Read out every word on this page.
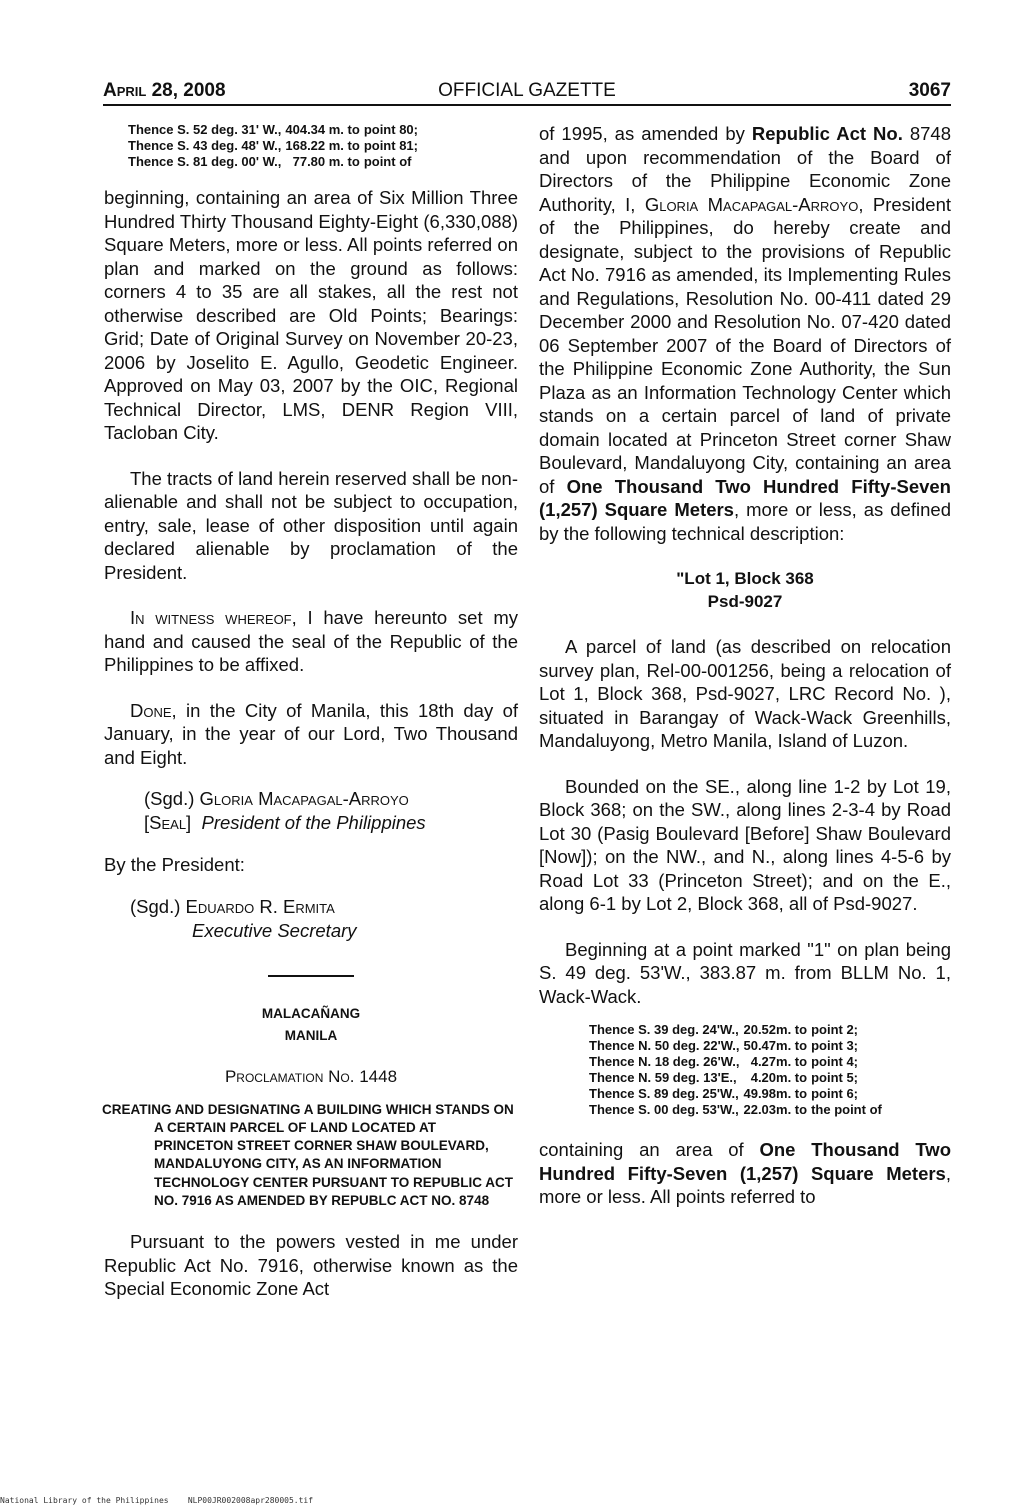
April 28, 2008	OFFICIAL GAZETTE	3067
Thence S. 52 deg. 31' W.,	404.34 m. to	point 80;
Thence S. 43 deg. 48' W.,	168.22 m. to	point 81;
Thence S. 81 deg. 00' W.,	77.80 m. to	point of

beginning, containing an area of Six Million Three Hundred Thirty Thousand Eighty-Eight (6,330,088) Square Meters, more or less. All points referred on plan and marked on the ground as follows: corners 4 to 35 are all stakes, all the rest not otherwise described are Old Points; Bearings: Grid; Date of Original Survey on November 20-23, 2006 by Joselito E. Agullo, Geodetic Engineer. Approved on May 03, 2007 by the OIC, Regional Technical Director, LMS, DENR Region VIII, Tacloban City.

The tracts of land herein reserved shall be non-alienable and shall not be subject to occupation, entry, sale, lease of other disposition until again declared alienable by proclamation of the President.

In witness whereof, I have hereunto set my hand and caused the seal of the Republic of the Philippines to be affixed.

Done, in the City of Manila, this 18th day of January, in the year of our Lord, Two Thousand and Eight.

(Sgd.) Gloria Macapagal-Arroyo
[Seal] President of the Philippines

By the President:

(Sgd.) Eduardo R. Ermita
Executive Secretary
MALACAÑANG
MANILA
Proclamation No. 1448
CREATING AND DESIGNATING A BUILDING WHICH STANDS ON A CERTAIN PARCEL OF LAND LOCATED AT PRINCETON STREET CORNER SHAW BOULEVARD, MANDALUYONG CITY, AS AN INFORMATION TECHNOLOGY CENTER PURSUANT TO REPUBLIC ACT NO. 7916 AS AMENDED BY REPUBLC ACT NO. 8748

Pursuant to the powers vested in me under Republic Act No. 7916, otherwise known as the Special Economic Zone Act

of 1995, as amended by Republic Act No. 8748 and upon recommendation of the Board of Directors of the Philippine Economic Zone Authority, I, Gloria Macapagal-Arroyo, President of the Philippines, do hereby create and designate, subject to the provisions of Republic Act No. 7916 as amended, its Implementing Rules and Regulations, Resolution No. 00-411 dated 29 December 2000 and Resolution No. 07-420 dated 06 September 2007 of the Board of Directors of the Philippine Economic Zone Authority, the Sun Plaza as an Information Technology Center which stands on a certain parcel of land of private domain located at Princeton Street corner Shaw Boulevard, Mandaluyong City, containing an area of One Thousand Two Hundred Fifty-Seven (1,257) Square Meters, more or less, as defined by the following technical description:

"Lot 1, Block 368
Psd-9027

A parcel of land (as described on relocation survey plan, Rel-00-001256, being a relocation of Lot 1, Block 368, Psd-9027, LRC Record No. ), situated in Barangay of Wack-Wack Greenhills, Mandaluyong, Metro Manila, Island of Luzon.

Bounded on the SE., along line 1-2 by Lot 19, Block 368; on the SW., along lines 2-3-4 by Road Lot 30 (Pasig Boulevard [Before] Shaw Boulevard [Now]); on the NW., and N., along lines 4-5-6 by Road Lot 33 (Princeton Street); and on the E., along 6-1 by Lot 2, Block 368, all of Psd-9027.

Beginning at a point marked "1" on plan being S. 49 deg. 53'W., 383.87 m. from BLLM No. 1, Wack-Wack.

Thence S. 39 deg. 24'W.,	20.52m. to	point 2;
Thence N. 50 deg. 22'W.,	50.47m. to	point 3;
Thence N. 18 deg. 26'W.,	4.27m. to	point 4;
Thence N. 59 deg. 13'E.,	4.20m. to	point 5;
Thence S. 89 deg. 25'W.,	49.98m. to	point 6;
Thence S. 00 deg. 53'W.,	22.03m. to	the point of

containing an area of One Thousand Two Hundred Fifty-Seven (1,257) Square Meters, more or less. All points referred to

National Library of the Philippines    NLP00JR002008apr280005.tif
